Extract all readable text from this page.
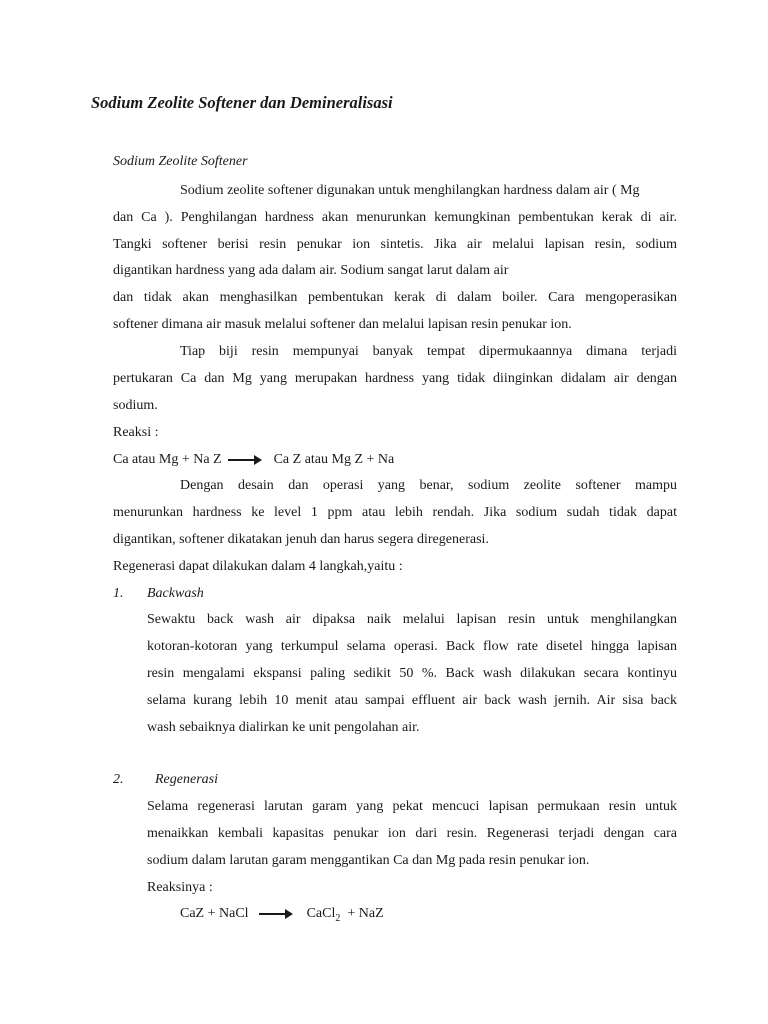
Sodium Zeolite Softener dan Demineralisasi
Sodium Zeolite Softener
Sodium zeolite softener digunakan untuk menghilangkan hardness dalam air ( Mg
dan Ca ). Penghilangan hardness akan menurunkan kemungkinan pembentukan kerak di air.
Tangki softener berisi resin penukar ion sintetis. Jika air melalui lapisan resin, sodium
digantikan hardness yang ada dalam air. Sodium sangat larut dalam air
dan tidak akan menghasilkan pembentukan kerak di dalam boiler. Cara mengoperasikan
softener dimana air masuk melalui softener dan melalui lapisan resin penukar ion.
Tiap biji resin mempunyai banyak tempat dipermukaannya dimana terjadi
pertukaran Ca dan Mg yang merupakan hardness yang tidak diinginkan didalam air dengan
sodium.
Reaksi :
Ca atau Mg + Na Z	Ca Z atau Mg Z + Na
Dengan desain dan operasi yang benar, sodium zeolite softener mampu
menurunkan hardness ke level 1 ppm atau lebih rendah. Jika sodium sudah tidak dapat
digantikan, softener dikatakan jenuh dan harus segera diregenerasi.
Regenerasi dapat dilakukan dalam 4 langkah,yaitu :
1. Backwash
Sewaktu back wash air dipaksa naik melalui lapisan resin untuk menghilangkan
kotoran-kotoran yang terkumpul selama operasi. Back flow rate disetel hingga lapisan
resin mengalami ekspansi paling sedikit 50 %. Back wash dilakukan secara kontinyu
selama kurang lebih 10 menit atau sampai effluent air back wash jernih. Air sisa back
wash sebaiknya dialirkan ke unit pengolahan air.
2. Regenerasi
Selama regenerasi larutan garam yang pekat mencuci lapisan permukaan resin untuk
menaikkan kembali kapasitas penukar ion dari resin. Regenerasi terjadi dengan cara
sodium dalam larutan garam menggantikan Ca dan Mg pada resin penukar ion.
Reaksinya :
CaZ + NaCl	CaCl$_2$  + NaZ
